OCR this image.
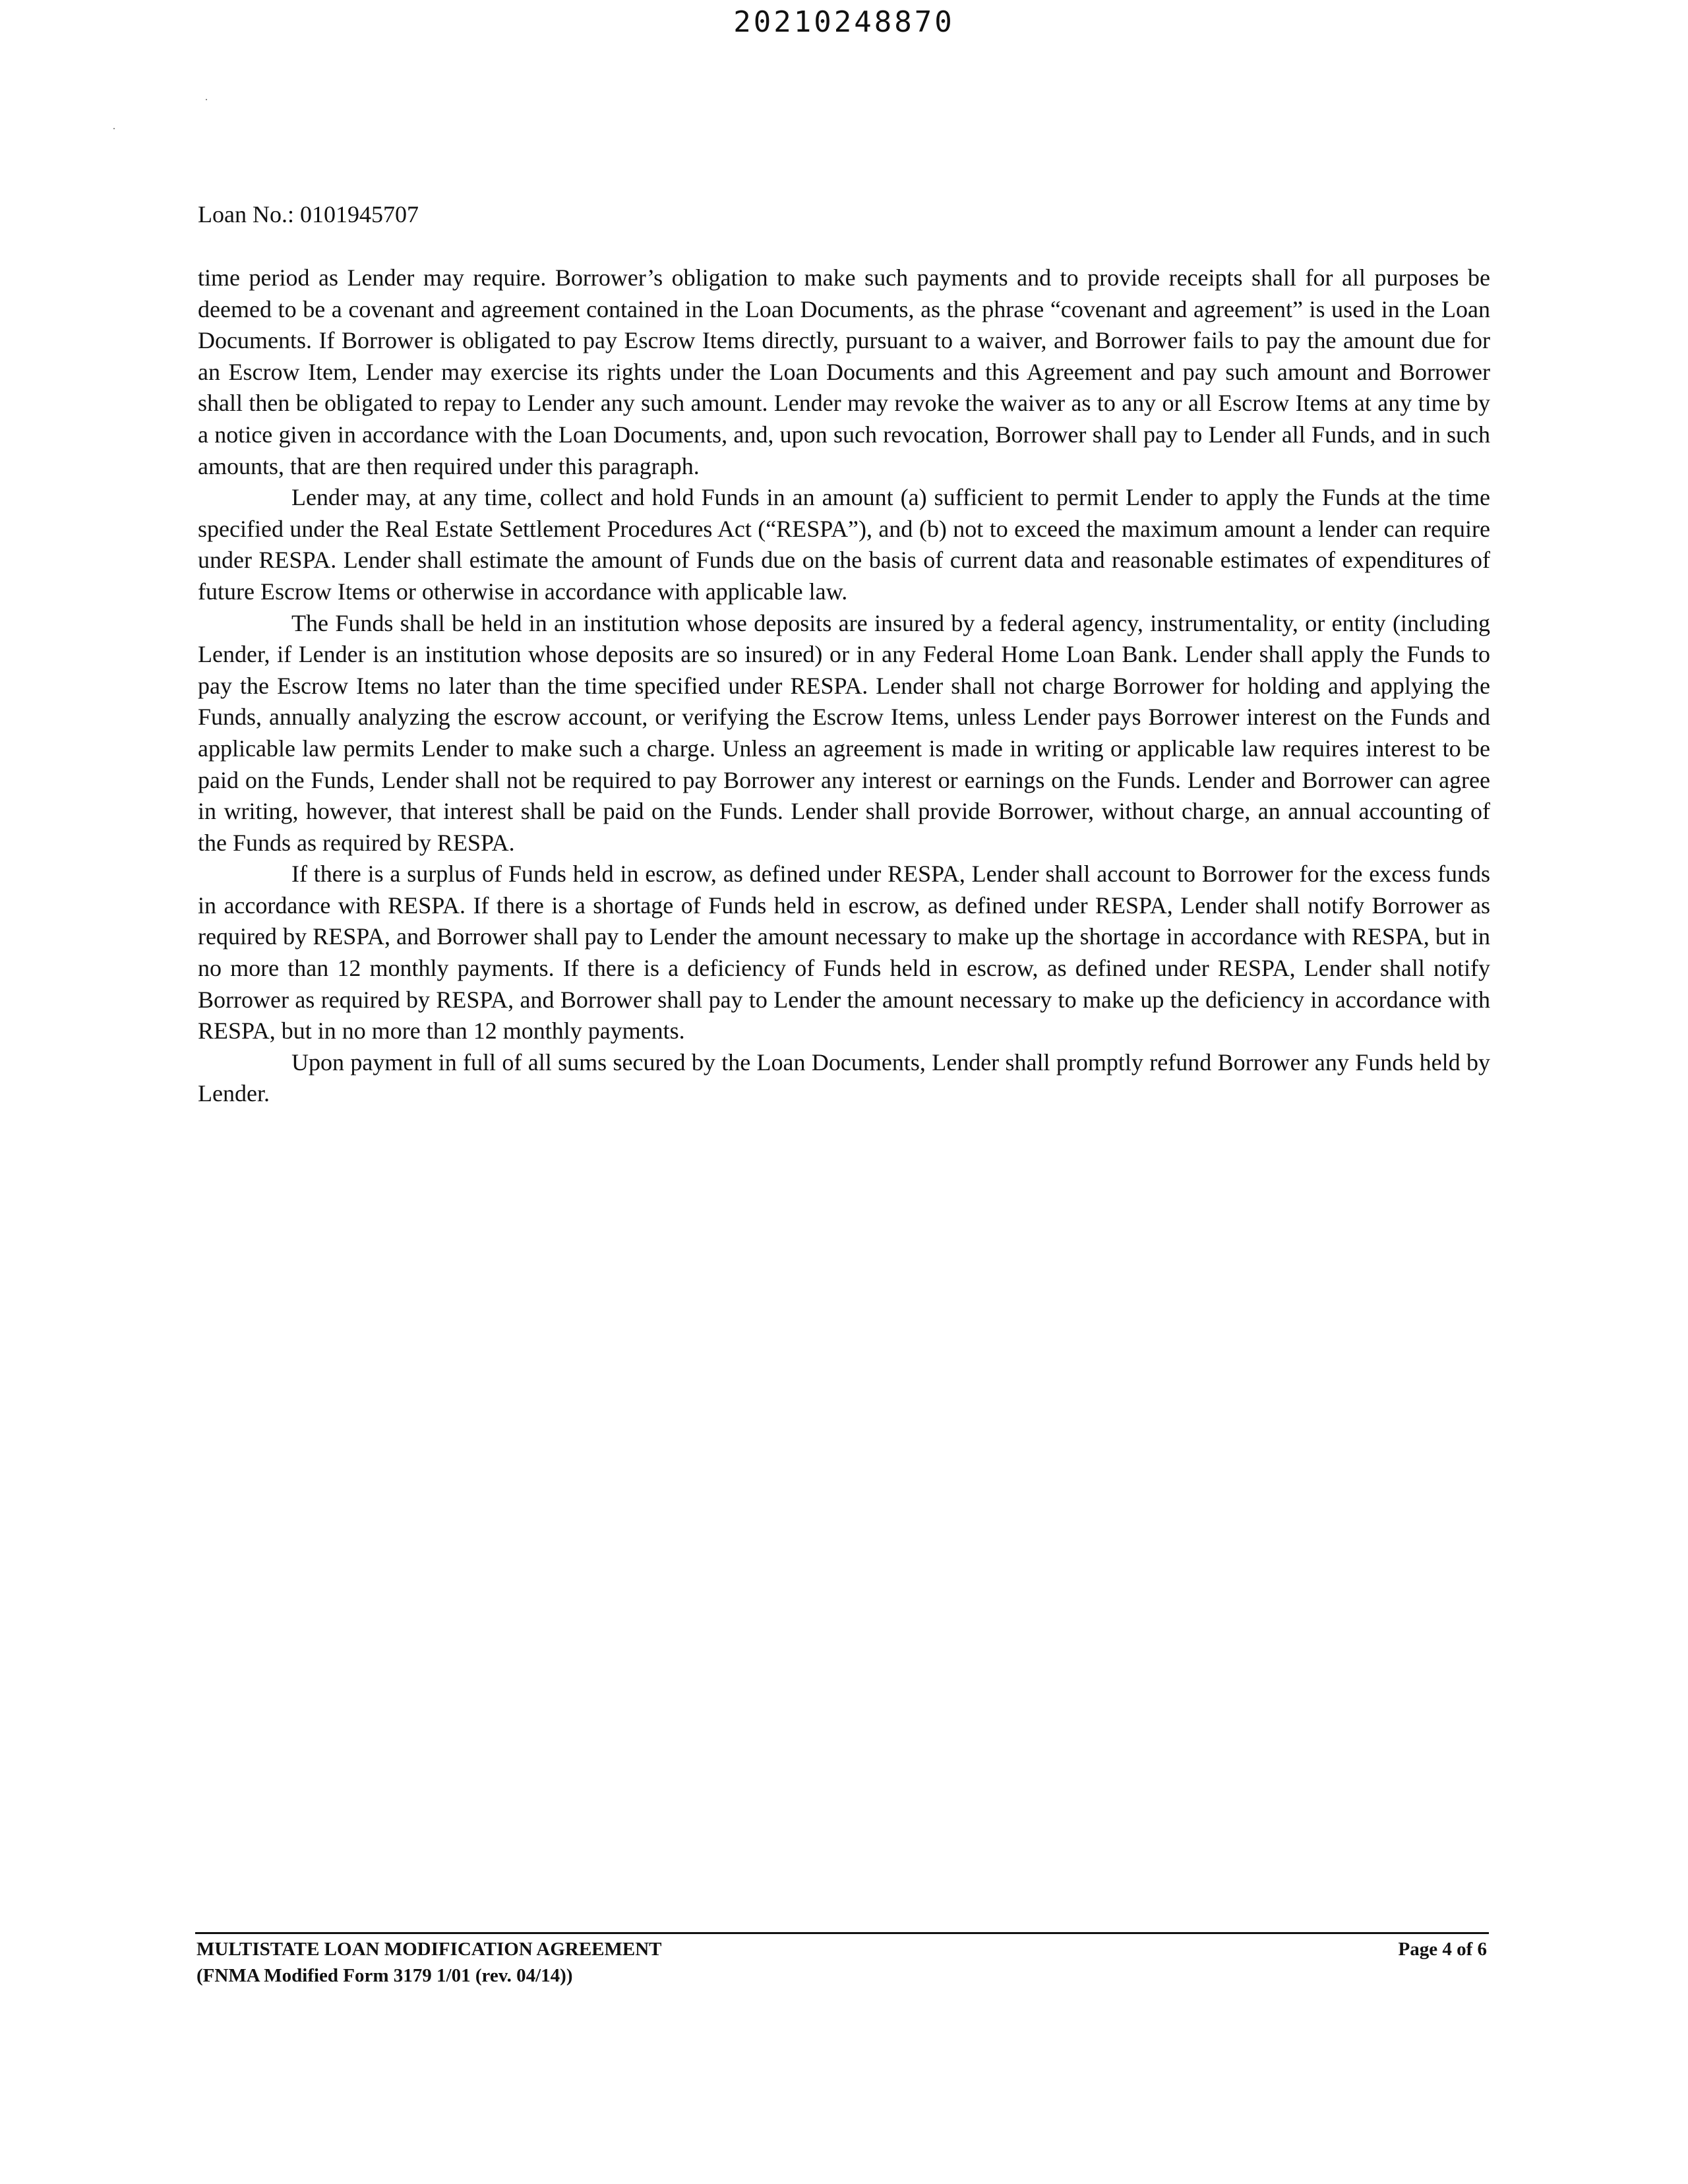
20210248870
Loan No.: 0101945707

time period as Lender may require. Borrower’s obligation to make such payments and to provide receipts shall for all purposes be deemed to be a covenant and agreement contained in the Loan Documents, as the phrase “covenant and agreement” is used in the Loan Documents. If Borrower is obligated to pay Escrow Items directly, pursuant to a waiver, and Borrower fails to pay the amount due for an Escrow Item, Lender may exercise its rights under the Loan Documents and this Agreement and pay such amount and Borrower shall then be obligated to repay to Lender any such amount. Lender may revoke the waiver as to any or all Escrow Items at any time by a notice given in accordance with the Loan Documents, and, upon such revocation, Borrower shall pay to Lender all Funds, and in such amounts, that are then required under this paragraph.

Lender may, at any time, collect and hold Funds in an amount (a) sufficient to permit Lender to apply the Funds at the time specified under the Real Estate Settlement Procedures Act (“RESPA”), and (b) not to exceed the maximum amount a lender can require under RESPA. Lender shall estimate the amount of Funds due on the basis of current data and reasonable estimates of expenditures of future Escrow Items or otherwise in accordance with applicable law.

The Funds shall be held in an institution whose deposits are insured by a federal agency, instrumentality, or entity (including Lender, if Lender is an institution whose deposits are so insured) or in any Federal Home Loan Bank. Lender shall apply the Funds to pay the Escrow Items no later than the time specified under RESPA. Lender shall not charge Borrower for holding and applying the Funds, annually analyzing the escrow account, or verifying the Escrow Items, unless Lender pays Borrower interest on the Funds and applicable law permits Lender to make such a charge. Unless an agreement is made in writing or applicable law requires interest to be paid on the Funds, Lender shall not be required to pay Borrower any interest or earnings on the Funds. Lender and Borrower can agree in writing, however, that interest shall be paid on the Funds. Lender shall provide Borrower, without charge, an annual accounting of the Funds as required by RESPA.

If there is a surplus of Funds held in escrow, as defined under RESPA, Lender shall account to Borrower for the excess funds in accordance with RESPA. If there is a shortage of Funds held in escrow, as defined under RESPA, Lender shall notify Borrower as required by RESPA, and Borrower shall pay to Lender the amount necessary to make up the shortage in accordance with RESPA, but in no more than 12 monthly payments. If there is a deficiency of Funds held in escrow, as defined under RESPA, Lender shall notify Borrower as required by RESPA, and Borrower shall pay to Lender the amount necessary to make up the deficiency in accordance with RESPA, but in no more than 12 monthly payments.

Upon payment in full of all sums secured by the Loan Documents, Lender shall promptly refund Borrower any Funds held by Lender.

MULTISTATE LOAN MODIFICATION AGREEMENT
(FNMA Modified Form 3179 1/01 (rev. 04/14))
Page 4 of 6
